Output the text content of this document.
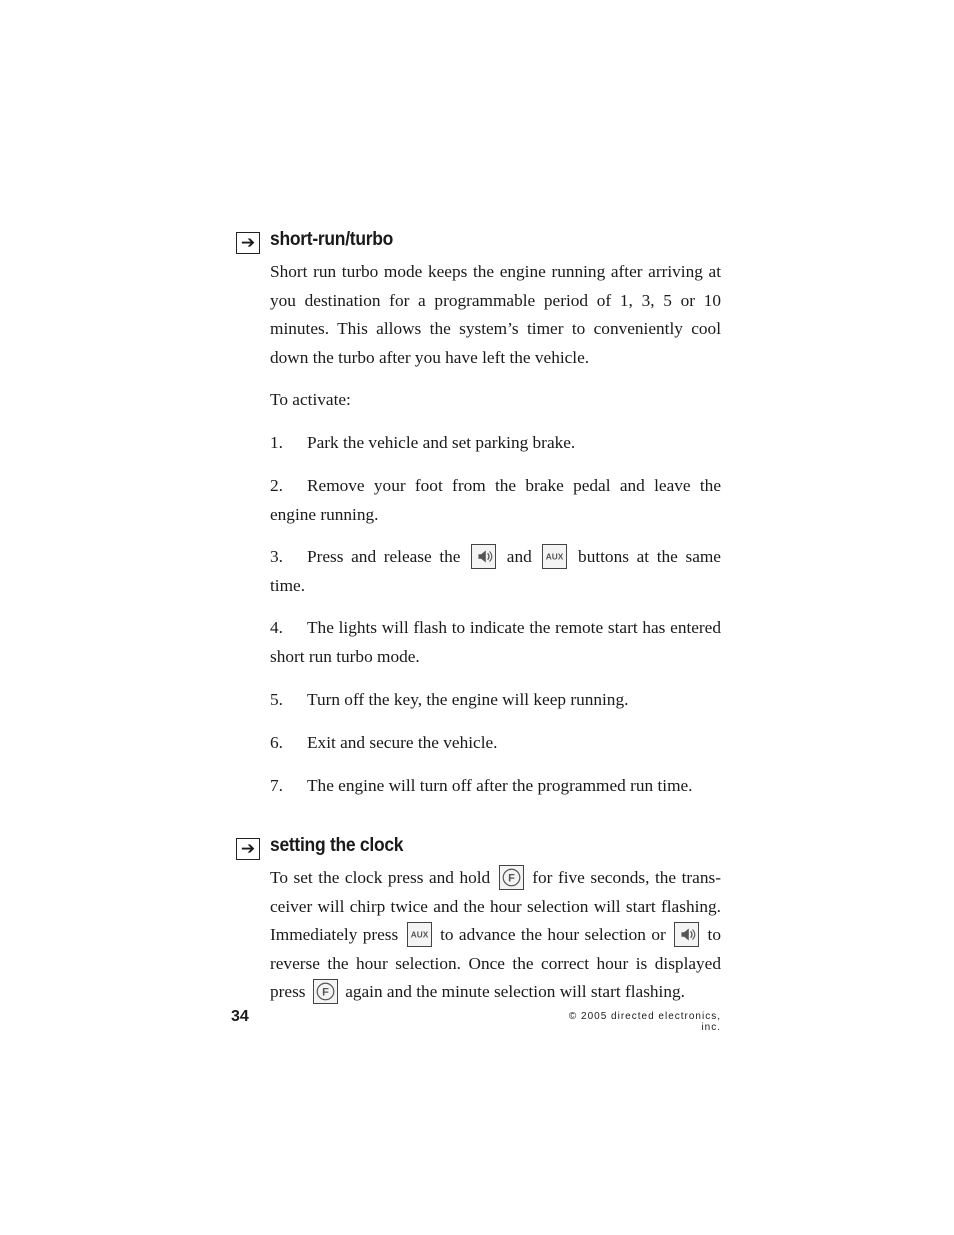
➔ short-run/turbo

Short run turbo mode keeps the engine running after arriving at you destination for a programmable period of 1, 3, 5 or 10 minutes. This allows the system’s timer to conveniently cool down the turbo after you have left the vehicle.

To activate:

1. Park the vehicle and set parking brake.

2. Remove your foot from the brake pedal and leave the engine running.

3. Press and release the	and AUX buttons at the same time.

4. The lights will flash to indicate the remote start has entered short run turbo mode.

5. Turn off the key, the engine will keep running.

6. Exit and secure the vehicle.

7. The engine will turn off after the programmed run time.

➔ setting the clock

To set the clock press and hold F for five seconds, the transceiver will chirp twice and the hour selection will start flashing. Immediately press AUX to advance the hour selection or to reverse the hour selection. Once the correct hour is displayed press F again and the minute selection will start flashing.

34	© 2005 directed electronics, inc.
